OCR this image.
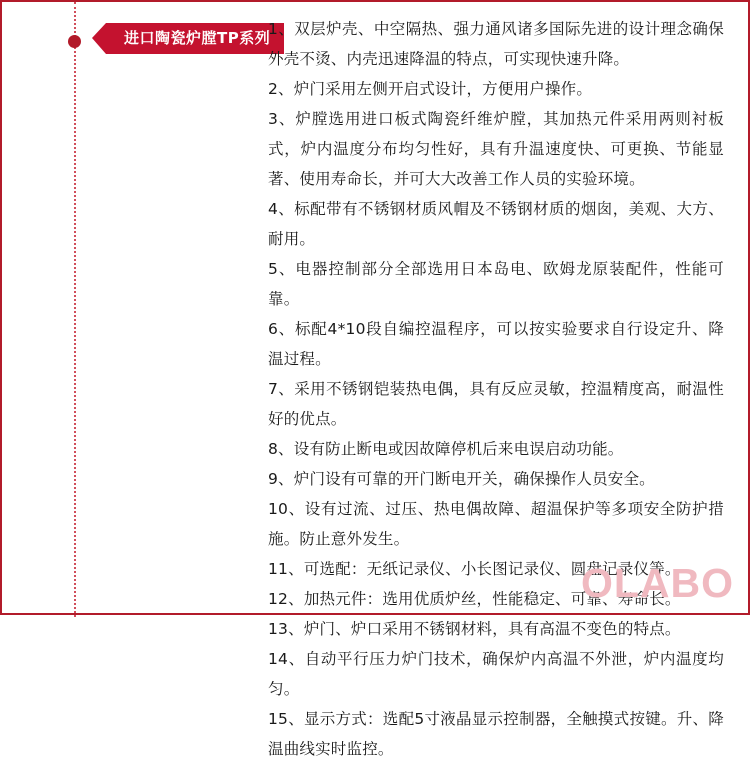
进口陶瓷炉膛TP系列

1、双层炉壳、中空隔热、强力通风诸多国际先进的设计理念确保外壳不烫、内壳迅速降温的特点，可实现快速升降。

2、炉门采用左侧开启式设计，方便用户操作。

3、炉膛选用进口板式陶瓷纤维炉膛，其加热元件采用两则衬板式，炉内温度分布均匀性好，具有升温速度快、可更换、节能显著、使用寿命长，并可大大改善工作人员的实验环境。

4、标配带有不锈钢材质风帽及不锈钢材质的烟囱，美观、大方、耐用。

5、电器控制部分全部选用日本岛电、欧姆龙原装配件，性能可靠。

6、标配4*10段自编控温程序，可以按实验要求自行设定升、降温过程。

7、采用不锈钢铠装热电偶，具有反应灵敏，控温精度高，耐温性好的优点。

8、设有防止断电或因故障停机后来电误启动功能。

9、炉门设有可靠的开门断电开关，确保操作人员安全。

10、设有过流、过压、热电偶故障、超温保护等多项安全防护措施。防止意外发生。

11、可选配：无纸记录仪、小长图记录仪、圆盘记录仪等。

12、加热元件：选用优质炉丝，性能稳定、可靠、寿命长。

13、炉门、炉口采用不锈钢材料，具有高温不变色的特点。

14、自动平行压力炉门技术，确保炉内高温不外泄，炉内温度均匀。

15、显示方式：选配5寸液晶显示控制器，全触摸式按键。升、降温曲线实时监控。

OLABO
